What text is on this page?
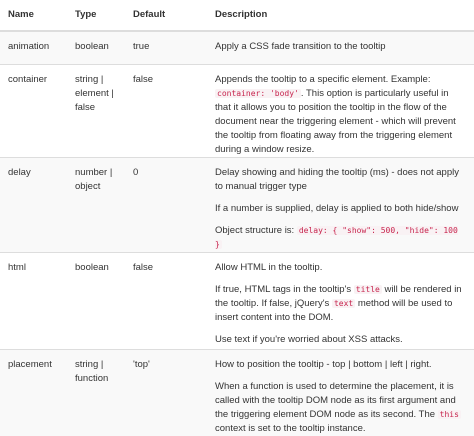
Name	Type	Default	Description

animation	boolean	true	Apply a CSS fade transition to the tooltip

container	string | element | false	false	Appends the tooltip to a specific element. Example: container: 'body' . This option is particularly useful in that it allows you to position the tooltip in the flow of the document near the triggering element - which will prevent the tooltip from floating away from the triggering element during a window resize.

delay	number | object	0	Delay showing and hiding the tooltip (ms) - does not apply to manual trigger type

If a number is supplied, delay is applied to both hide/show

Object structure is: delay: { "show": 500, "hide": 100 }

html	boolean	false	Allow HTML in the tooltip.

If true, HTML tags in the tooltip's title will be rendered in the tooltip. If false, jQuery's text method will be used to insert content into the DOM.

Use text if you're worried about XSS attacks.

placement	string | function	'top'	How to position the tooltip - top | bottom | left | right.

When a function is used to determine the placement, it is called with the tooltip DOM node as its first argument and the triggering element DOM node as its second. The this context is set to the tooltip instance.
